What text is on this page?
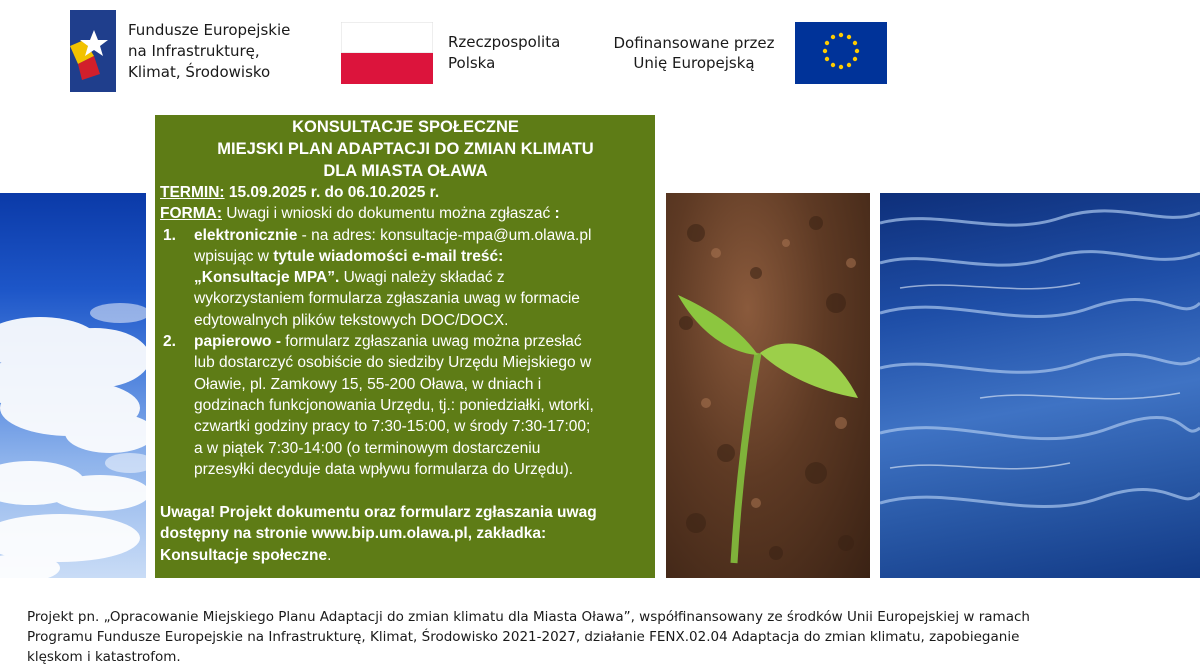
Fundusze Europejskie
na Infrastrukturę,
Klimat, Środowisko
Rzeczpospolita
Polska
Dofinansowane przez
Unię Europejską
KONSULTACJE SPOŁECZNE
MIEJSKI PLAN ADAPTACJI DO ZMIAN KLIMATU
DLA MIASTA OŁAWA
TERMIN: 15.09.2025 r. do 06.10.2025 r.
FORMA: Uwagi i wnioski do dokumentu można zgłaszać :
1. elektronicznie - na adres: konsultacje-mpa@um.olawa.pl
wpisując w tytule wiadomości e-mail treść:
„Konsultacje MPA”. Uwagi należy składać z
wykorzystaniem formularza zgłaszania uwag w formacie
edytowalnych plików tekstowych DOC/DOCX.
2. papierowo - formularz zgłaszania uwag można przesłać
lub dostarczyć osobiście do siedziby Urzędu Miejskiego w
Oławie, pl. Zamkowy 15, 55-200 Oława, w dniach i
godzinach funkcjonowania Urzędu, tj.: poniedziałki, wtorki,
czwartki godziny pracy to 7:30-15:00, w środy 7:30-17:00;
a w piątek 7:30-14:00 (o terminowym dostarczeniu
przesyłki decyduje data wpływu formularza do Urzędu).
Uwaga! Projekt dokumentu oraz formularz zgłaszania uwag
dostępny na stronie www.bip.um.olawa.pl, zakładka:
Konsultacje społeczne.
Projekt pn. „Opracowanie Miejskiego Planu Adaptacji do zmian klimatu dla Miasta Oława”, współfinansowany ze środków Unii Europejskiej w ramach
Programu Fundusze Europejskie na Infrastrukturę, Klimat, Środowisko 2021-2027, działanie FENX.02.04 Adaptacja do zmian klimatu, zapobieganie
klęskom i katastrofom.
